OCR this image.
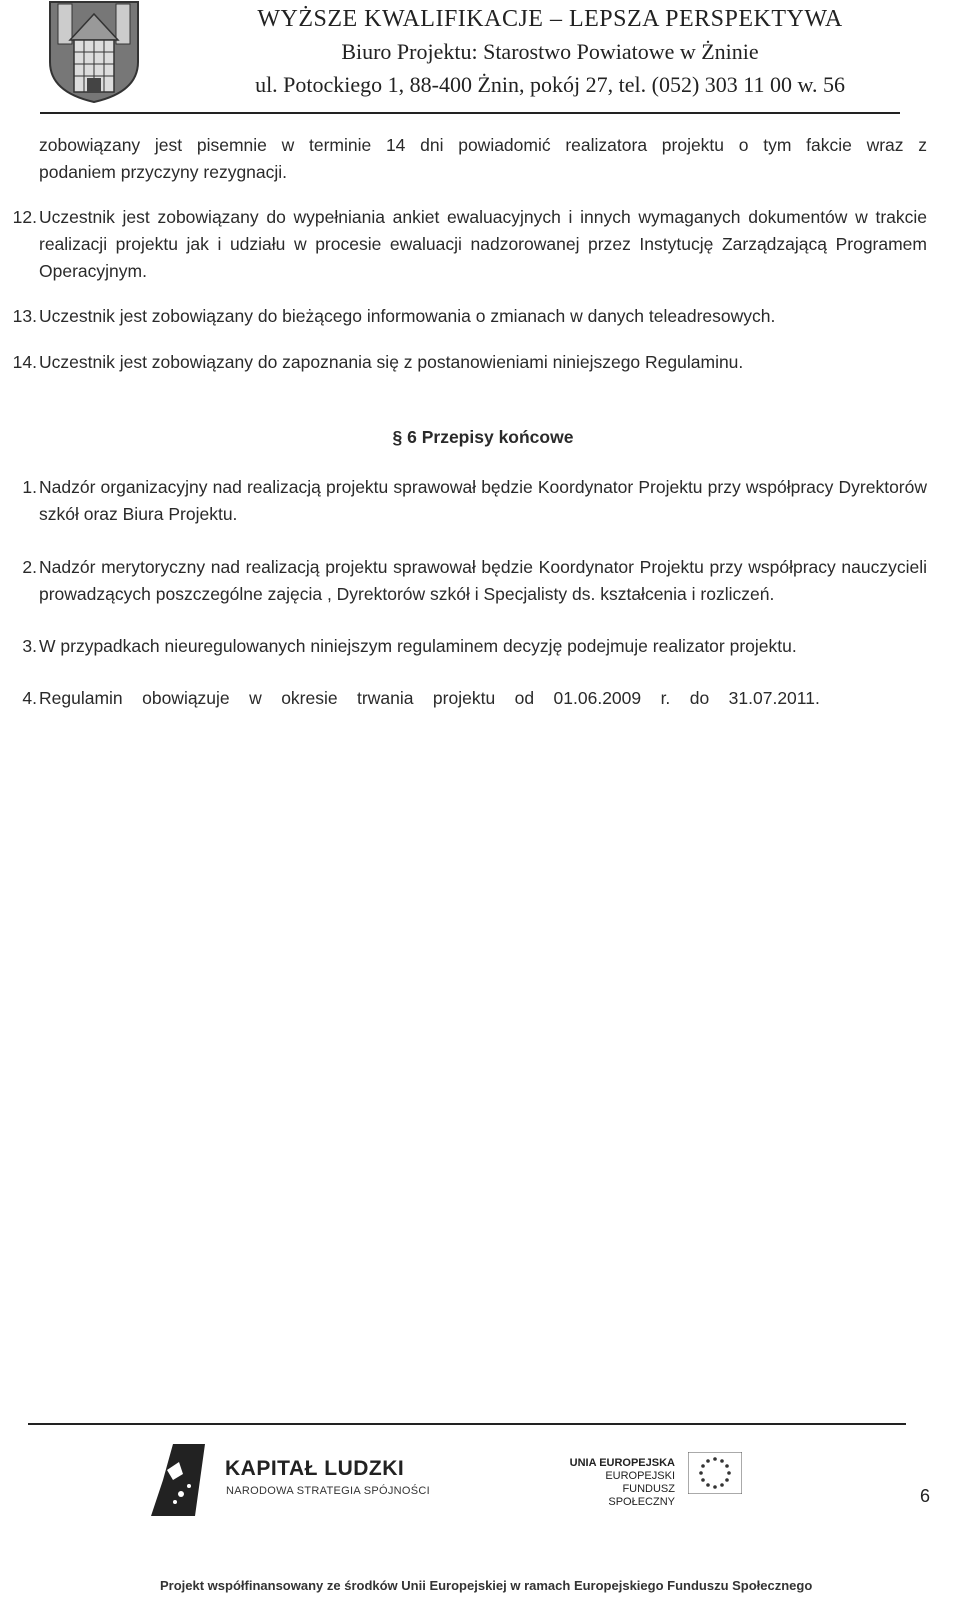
WYŻSZE KWALIFIKACJE – LEPSZA PERSPEKTYWA
Biuro Projektu: Starostwo Powiatowe w Żninie
ul. Potockiego 1, 88-400 Żnin, pokój 27, tel. (052) 303 11 00 w. 56

zobowiązany jest pisemnie w terminie 14 dni powiadomić realizatora projektu o tym fakcie wraz z
podaniem przyczyny rezygnacji.

12. Uczestnik jest zobowiązany do wypełniania ankiet ewaluacyjnych i innych wymaganych dokumentów w trakcie realizacji projektu jak i udziału w procesie ewaluacji nadzorowanej przez Instytucję Zarządzającą Programem Operacyjnym.
13. Uczestnik jest zobowiązany do bieżącego informowania o zmianach w danych teleadresowych.
14. Uczestnik jest zobowiązany do zapoznania się z postanowieniami niniejszego Regulaminu.

§ 6 Przepisy końcowe

1. Nadzór organizacyjny nad realizacją projektu sprawował będzie Koordynator Projektu przy współpracy Dyrektorów szkół oraz Biura Projektu.
2. Nadzór merytoryczny nad realizacją projektu sprawował będzie Koordynator Projektu przy współpracy nauczycieli prowadzących poszczególne zajęcia , Dyrektorów szkół i Specjalisty ds. kształcenia i rozliczeń.
3. W przypadkach nieuregulowanych niniejszym regulaminem decyzję podejmuje realizator projektu.
4. Regulamin    obowiązuje    w    okresie    trwania    projektu    od    01.06.2009    r.    do    31.07.2011.
KAPITAŁ LUDZKI
NARODOWA STRATEGIA SPÓJNOŚCI
UNIA EUROPEJSKA
EUROPEJSKI
FUNDUSZ SPOŁECZNY	6
Projekt współfinansowany ze środków Unii Europejskiej w ramach Europejskiego Funduszu Społecznego
